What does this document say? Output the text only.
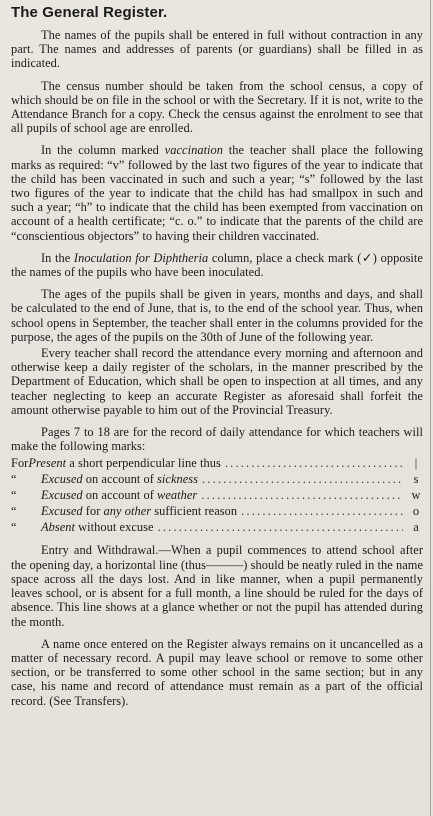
The General Register.

The names of the pupils shall be entered in full without contraction in any part. The names and addresses of parents (or guardians) shall be filled in as indicated.

The census number should be taken from the school census, a copy of which should be on file in the school or with the Secretary. If it is not, write to the Attendance Branch for a copy. Check the census against the enrolment to see that all pupils of school age are enrolled.

In the column marked vaccination the teacher shall place the following marks as required: “v” followed by the last two figures of the year to indicate that the child has been vaccinated in such and such a year; “s” followed by the last two figures of the year to indicate that the child has had smallpox in such and such a year; “h” to indicate that the child has been exempted from vaccination on account of a health certificate; “c. o.” to indicate that the parents of the child are “conscientious objectors” to having their children vaccinated.

In the Inoculation for Diphtheria column, place a check mark (✓) opposite the names of the pupils who have been inoculated.

The ages of the pupils shall be given in years, months and days, and shall be calculated to the end of June, that is, to the end of the school year. Thus, when school opens in September, the teacher shall enter in the columns provided for the purpose, the ages of the pupils on the 30th of June of the following year.

Every teacher shall record the attendance every morning and afternoon and otherwise keep a daily register of the scholars, in the manner prescribed by the Department of Education, which shall be open to inspection at all times, and any teacher neglecting to keep an accurate Register as aforesaid shall forfeit the amount otherwise payable to him out of the Provincial Treasury.

Pages 7 to 18 are for the record of daily attendance for which teachers will make the following marks:

For Present a short perpendicular line thus .....	|
“	Excused on account of sickness .....	s
“	Excused on account of weather .....	w
“	Excused for any other sufficient reason .....	o
“	Absent without excuse .....	a

Entry and Withdrawal.—When a pupil commences to attend school after the opening day, a horizontal line (thus———) should be neatly ruled in the name space across all the days lost. And in like manner, when a pupil permanently leaves school, or is absent for a full month, a line should be ruled for the days of absence. This line shows at a glance whether or not the pupil has attended during the month.

A name once entered on the Register always remains on it uncancelled as a matter of necessary record. A pupil may leave school or remove to some other section, or be transferred to some other school in the same section; but in any case, his name and record of attendance must remain as a part of the official record. (See Transfers).
